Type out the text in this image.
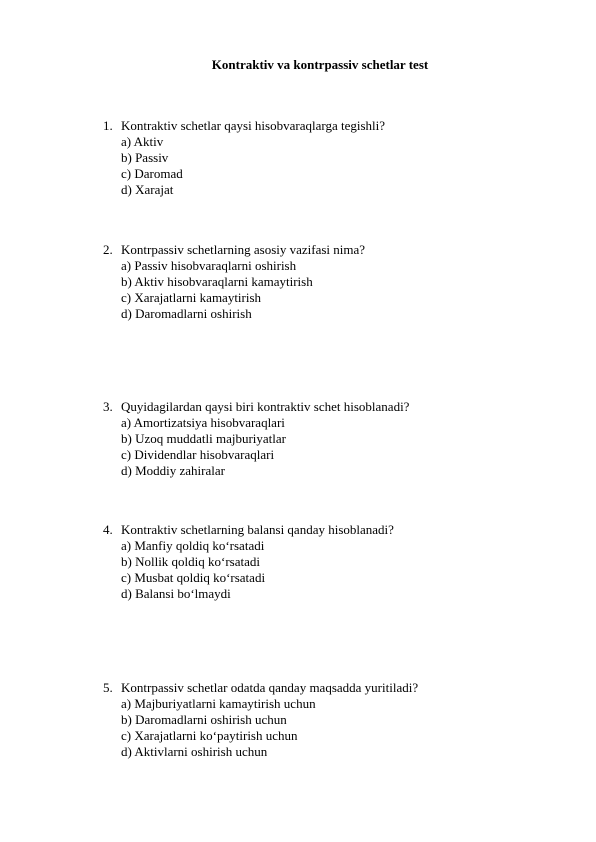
Kontraktiv va kontrpassiv schetlar test
1. Kontraktiv schetlar qaysi hisobvaraqlarga tegishli?
a) Aktiv
b) Passiv
c) Daromad
d) Xarajat
2. Kontrpassiv schetlarning asosiy vazifasi nima?
a) Passiv hisobvaraqlarni oshirish
b) Aktiv hisobvaraqlarni kamaytirish
c) Xarajatlarni kamaytirish
d) Daromadlarni oshirish
3. Quyidagilardan qaysi biri kontraktiv schet hisoblanadi?
a) Amortizatsiya hisobvaraqlari
b) Uzoq muddatli majburiyatlar
c) Dividendlar hisobvaraqlari
d) Moddiy zahiralar
4. Kontraktiv schetlarning balansi qanday hisoblanadi?
a) Manfiy qoldiq ko‘rsatadi
b) Nollik qoldiq ko‘rsatadi
c) Musbat qoldiq ko‘rsatadi
d) Balansi bo‘lmaydi
5. Kontrpassiv schetlar odatda qanday maqsadda yuritiladi?
a) Majburiyatlarni kamaytirish uchun
b) Daromadlarni oshirish uchun
c) Xarajatlarni ko‘paytirish uchun
d) Aktivlarni oshirish uchun
